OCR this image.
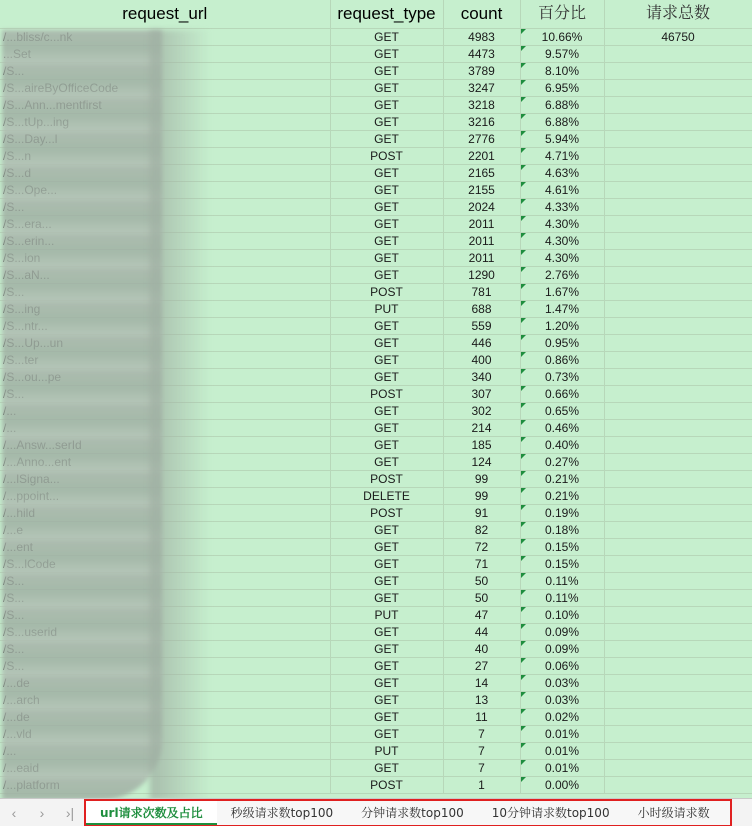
request_url	request_type	count	百分比	请求总数
	GET	4983	10.66%	46750
	GET	4473	9.57%	
	GET	3789	8.10%	
	GET	3247	6.95%	
	GET	3218	6.88%	
	GET	3216	6.88%	
	GET	2776	5.94%	
	POST	2201	4.71%	
	GET	2165	4.63%	
	GET	2155	4.61%	
	GET	2024	4.33%	
	GET	2011	4.30%	
	GET	2011	4.30%	
	GET	2011	4.30%	
	GET	1290	2.76%	
	POST	781	1.67%	
	PUT	688	1.47%	
	GET	559	1.20%	
	GET	446	0.95%	
	GET	400	0.86%	
	GET	340	0.73%	
	POST	307	0.66%	
	GET	302	0.65%	
	GET	214	0.46%	
	GET	185	0.40%	
	GET	124	0.27%	
	POST	99	0.21%	
	DELETE	99	0.21%	
	POST	91	0.19%	
	GET	82	0.18%	
	GET	72	0.15%	
	GET	71	0.15%	
	GET	50	0.11%	
	GET	50	0.11%	
	PUT	47	0.10%	
	GET	44	0.09%	
	GET	40	0.09%	
	GET	27	0.06%	
	GET	14	0.03%	
	GET	13	0.03%	
	GET	11	0.02%	
	GET	7	0.01%	
	PUT	7	0.01%	
	GET	7	0.01%	
	POST	1	0.00%	
‹ › ›|	url请求次数及占比	秒级请求数top100	分钟请求数top100	10分钟请求数top100	小时级请求数
